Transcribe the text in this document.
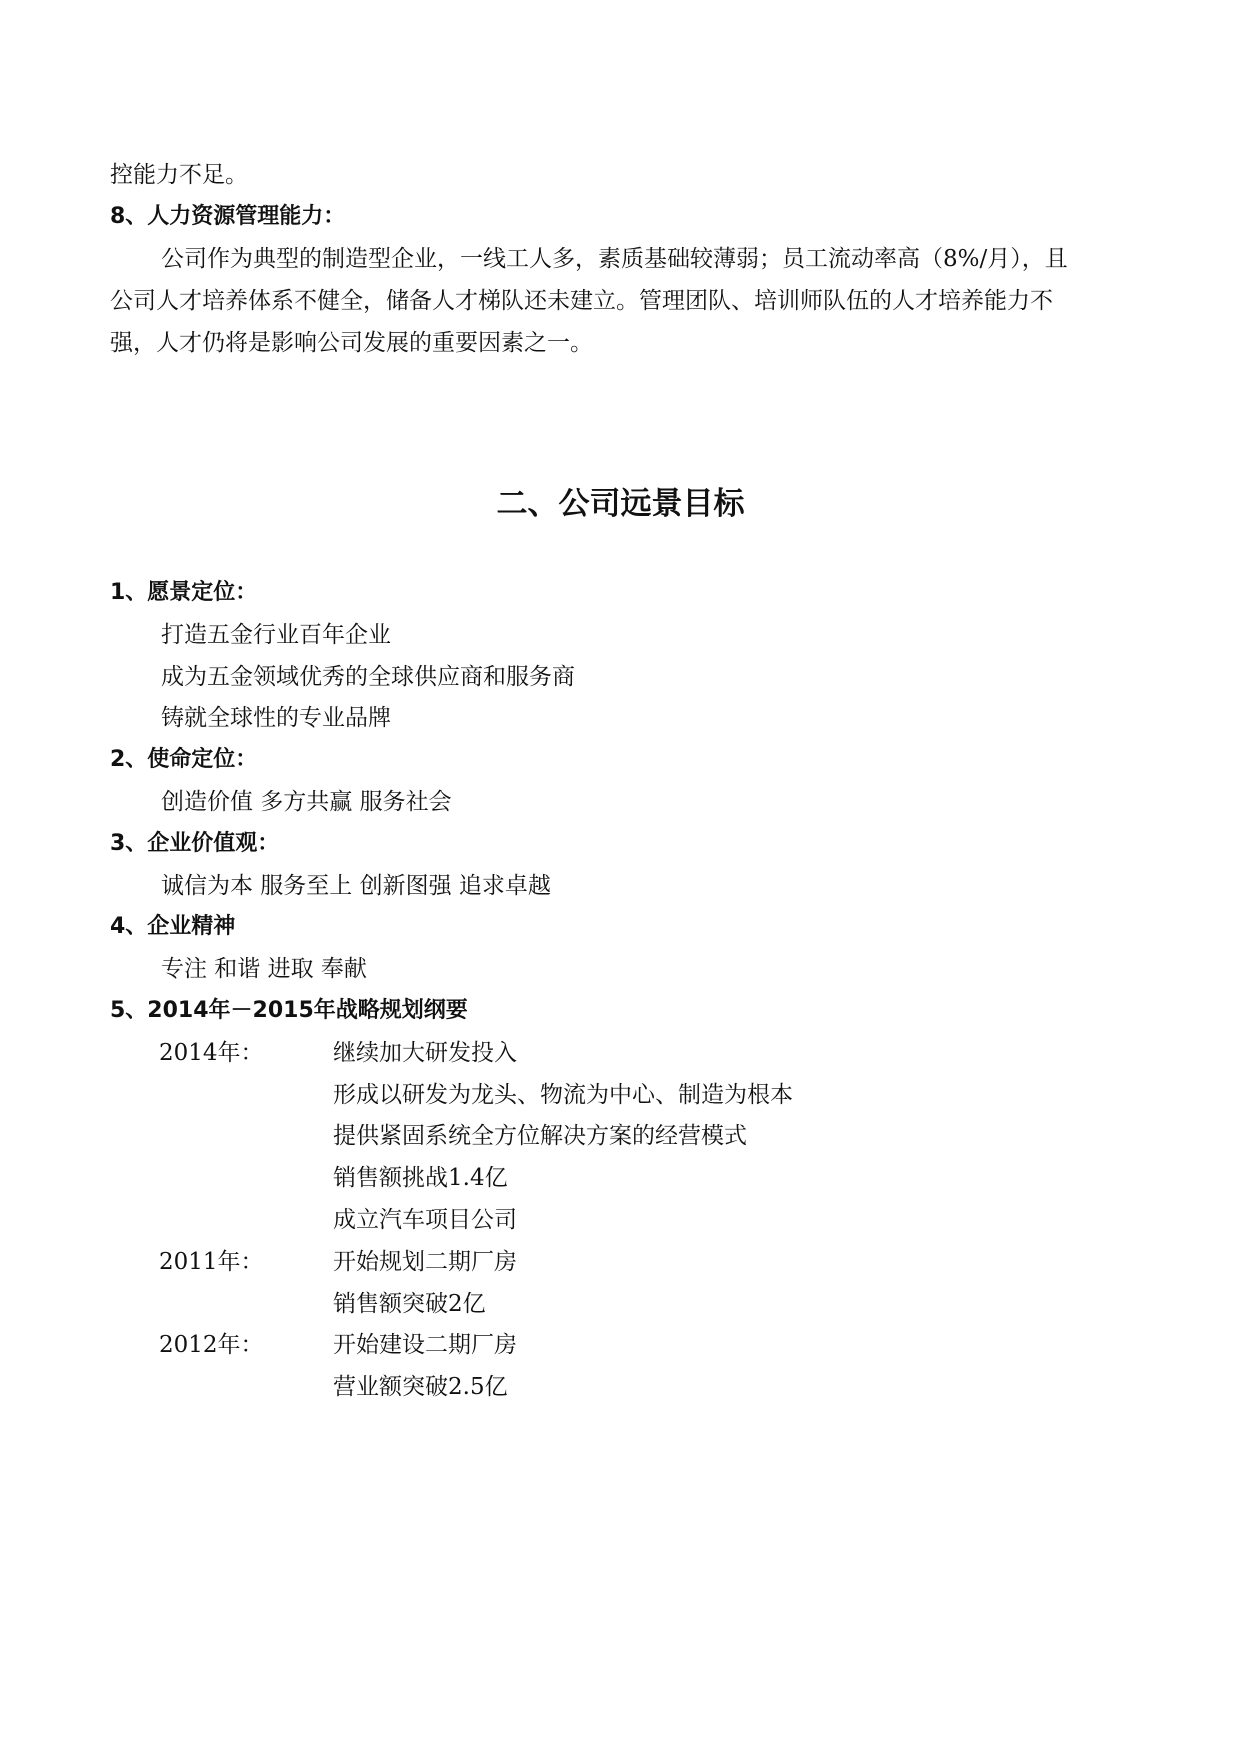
控能力不足。
8、人力资源管理能力：
公司作为典型的制造型企业，一线工人多，素质基础较薄弱；员工流动率高（8%/月），且
公司人才培养体系不健全，储备人才梯队还未建立。管理团队、培训师队伍的人才培养能力不
强，人才仍将是影响公司发展的重要因素之一。
二、公司远景目标
1、愿景定位：
打造五金行业百年企业
成为五金领域优秀的全球供应商和服务商
铸就全球性的专业品牌
2、使命定位：
创造价值 多方共赢 服务社会
3、企业价值观：
诚信为本 服务至上 创新图强 追求卓越
4、企业精神
专注 和谐 进取 奉献
5、2014年－2015年战略规划纲要
2014年：	继续加大研发投入
形成以研发为龙头、物流为中心、制造为根本
提供紧固系统全方位解决方案的经营模式
销售额挑战1.4亿
成立汽车项目公司
2011年：	开始规划二期厂房
销售额突破2亿
2012年：	开始建设二期厂房
营业额突破2.5亿
